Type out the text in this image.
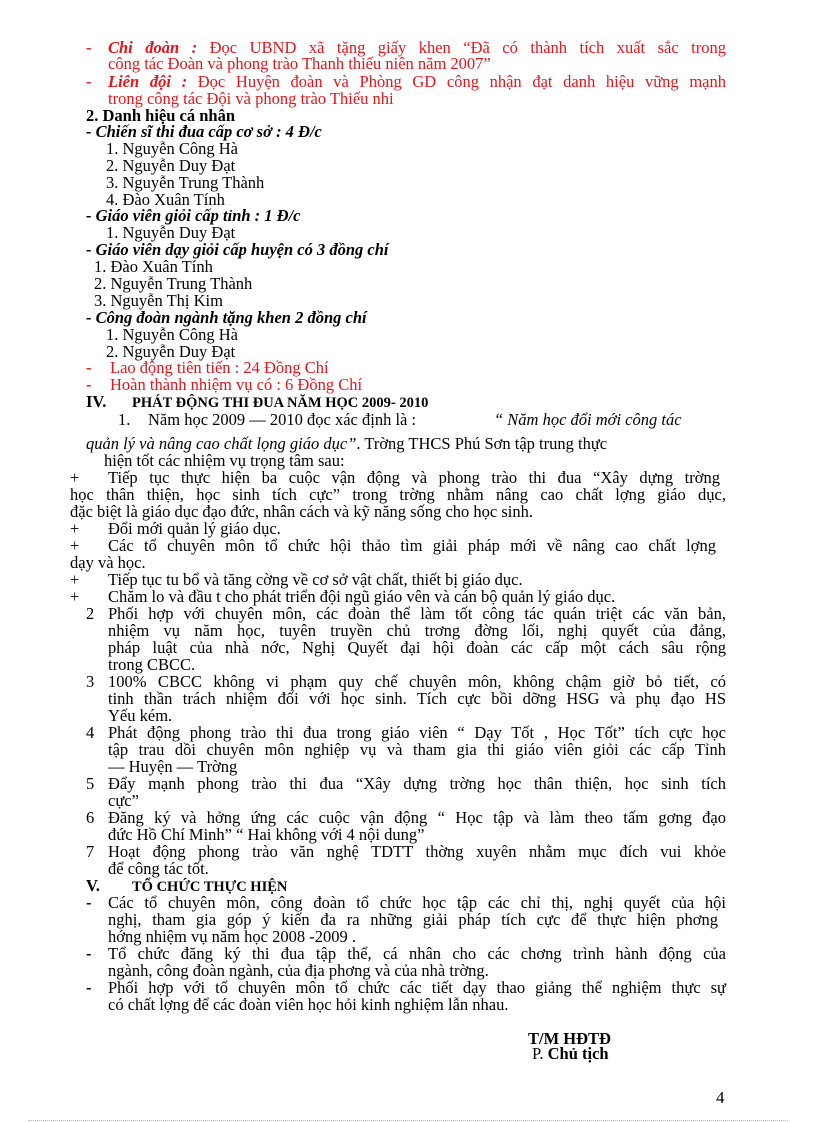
- Chi đoàn : Đọc UBND xã tặng giấy khen “Đã có thành tích xuất sắc trong
công tác Đoàn và phong trào Thanh thiếu niên năm 2007”
- Liên đội : Đọc Huyện đoàn và Phòng GD công nhận đạt danh hiệu vững mạnh
trong công tác Đội và phong trào Thiếu nhi
2. Danh hiệu cá nhân
- Chiến sĩ thi đua cấp cơ sở : 4 Đ/c
1. Nguyễn Công Hà
2. Nguyễn Duy Đạt
3. Nguyễn Trung Thành
4. Đào Xuân Tính
- Giáo viên giỏi cấp tỉnh : 1 Đ/c
1. Nguyễn Duy Đạt
- Giáo viên dạy giỏi cấp huyện có 3 đồng chí
1. Đào Xuân Tính
2. Nguyễn Trung Thành
3. Nguyễn Thị Kim
- Công đoàn ngành tặng khen 2 đồng chí
1. Nguyễn Công Hà
2. Nguyễn Duy Đạt
- Lao động tiên tiến : 24 Đồng Chí
- Hoàn thành nhiệm vụ có : 6 Đồng Chí
IV. PHÁT ĐỘNG THI ĐUA NĂM HỌC 2009- 2010
1. Năm học 2009 — 2010 đọc xác định là :	“ Năm học đổi mới công tác
quản lý và nâng cao chất lọng giáo dục”. Trờng THCS Phú Sơn tập trung thực
hiện tốt các nhiệm vụ trọng tâm sau:
+ Tiếp tục thực hiện ba cuộc vận động và phong trào thi đua “Xây dựng trờng
học thân thiện, học sinh tích cực” trong trờng nhằm nâng cao chất lợng giáo dục,
đặc biệt là giáo dục đạo đức, nhân cách và kỹ năng sống cho học sinh.
+ Đổi mới quản lý giáo dục.
+ Các tổ chuyên môn tổ chức hội thảo tìm giải pháp mới về nâng cao chất lợng
dạy và học.
+ Tiếp tục tu bổ và tăng cờng về cơ sở vật chất, thiết bị giáo dục.
+ Chăm lo và đầu t cho phát triển đội ngũ giáo vên và cán bộ quản lý giáo dục.
2 Phối hợp với chuyên môn, các đoàn thể làm tốt công tác quán triệt các văn bản,
nhiệm vụ năm học, tuyên truyền chủ trơng đờng lối, nghị quyết của đảng,
pháp luật của nhà nớc, Nghị Quyết đại hội đoàn các cấp một cách sâu rộng
trong CBCC.
3 100% CBCC không vi phạm quy chế chuyên môn, không chậm giờ bỏ tiết, có
tinh thần trách nhiệm đối với học sinh. Tích cực bồi dỡng HSG và phụ đạo HS
Yếu kém.
4 Phát động phong trào thi đua trong giáo viên “ Dạy Tốt , Học Tốt” tích cực học
tập trau dồi chuyên môn nghiệp vụ và tham gia thi giáo viên giỏi các cấp Tỉnh
— Huyện — Trờng
5 Đẩy mạnh phong trào thi đua “Xây dựng trờng học thân thiện, học sinh tích
cực”
6 Đăng ký và hởng ứng các cuộc vận động “ Học tập và làm theo tấm gơng đạo
đức Hồ Chí Minh” “ Hai không với 4 nội dung”
7 Hoạt động phong trào văn nghệ TDTT thờng xuyên nhằm mục đích vui khỏe
để công tác tốt.
V. TỔ CHỨC THỰC HIỆN
- Các tổ chuyên môn, công đoàn tổ chức học tập các chỉ thị, nghị quyết của hội
nghị, tham gia góp ý kiến đa ra những giải pháp tích cực để thực hiện phơng
hớng nhiệm vụ năm học 2008 -2009 .
- Tổ chức đăng ký thi đua tập thể, cá nhân cho các chơng trình hành động của
ngành, công đoàn ngành, của địa phơng và của nhà trờng.
- Phối hợp với tổ chuyên môn tổ chức các tiết dạy thao giảng thể nghiệm thực sự
có chất lợng để các đoàn viên học hỏi kinh nghiệm lẫn nhau.
T/M HĐTĐ
P. Chủ tịch
4
